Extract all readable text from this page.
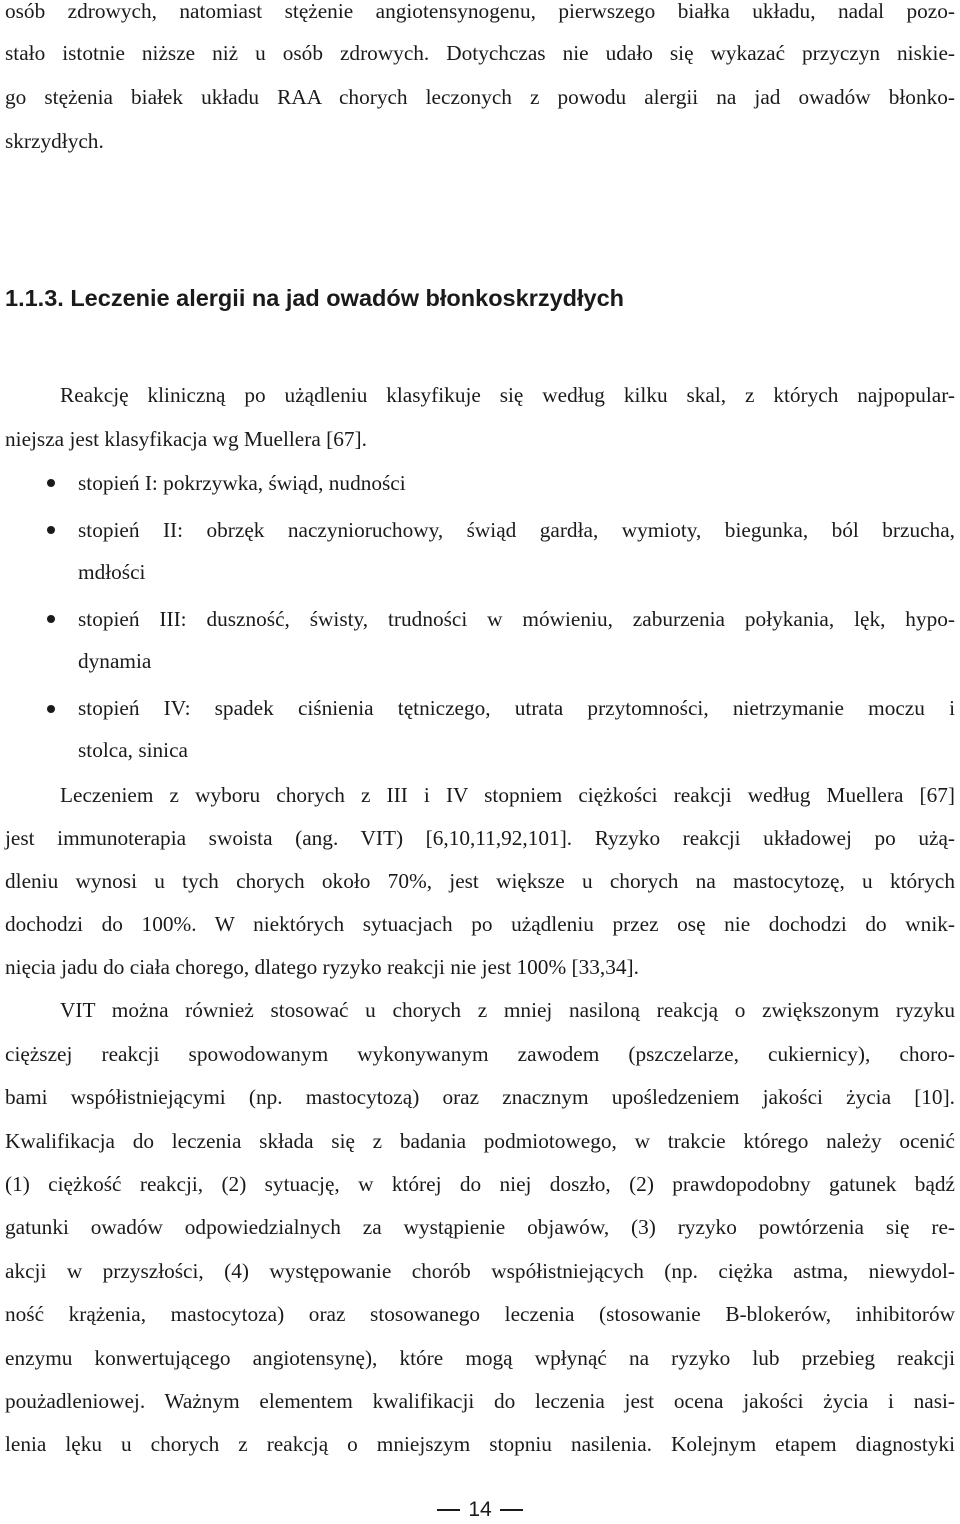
osób zdrowych, natomiast stężenie angiotensynogenu, pierwszego białka układu, nadal pozo-

stało istotnie niższe niż u osób zdrowych. Dotychczas nie udało się wykazać przyczyn niskie-

go stężenia białek układu RAA chorych leczonych z powodu alergii na jad owadów błonko-

skrzydłych.

1.1.3. Leczenie alergii na jad owadów błonkoskrzydłych

Reakcję kliniczną po użądleniu klasyfikuje się według kilku skal, z których najpopular-

niejsza jest klasyfikacja wg Muellera [67].

stopień I: pokrzywka, świąd, nudności

stopień II: obrzęk naczynioruchowy, świąd gardła, wymioty, biegunka, ból brzucha,

mdłości

stopień III: duszność, świsty, trudności w mówieniu, zaburzenia połykania, lęk, hypo-

dynamia

stopień IV: spadek ciśnienia tętniczego, utrata przytomności, nietrzymanie moczu i

stolca, sinica

Leczeniem z wyboru chorych z III i IV stopniem ciężkości reakcji według Muellera [67]

jest immunoterapia swoista (ang. VIT) [6,10,11,92,101]. Ryzyko reakcji układowej po użą-

dleniu wynosi u tych chorych około 70%, jest większe u chorych na mastocytozę, u których

dochodzi do 100%. W niektórych sytuacjach po użądleniu przez osę nie dochodzi do wnik-

nięcia jadu do ciała chorego, dlatego ryzyko reakcji nie jest 100% [33,34].

VIT można również stosować u chorych z mniej nasiloną reakcją o zwiększonym ryzyku

cięższej reakcji spowodowanym wykonywanym zawodem (pszczelarze, cukiernicy), choro-

bami współistniejącymi (np. mastocytozą) oraz znacznym upośledzeniem jakości życia [10].

Kwalifikacja do leczenia składa się z badania podmiotowego, w trakcie którego należy ocenić

(1) ciężkość reakcji, (2) sytuację, w której do niej doszło, (2) prawdopodobny gatunek bądź

gatunki owadów odpowiedzialnych za wystąpienie objawów, (3) ryzyko powtórzenia się re-

akcji w przyszłości, (4) występowanie chorób współistniejących (np. ciężka astma, niewydol-

ność krążenia, mastocytoza) oraz stosowanego leczenia (stosowanie B-blokerów, inhibitorów

enzymu konwertującego angiotensynę), które mogą wpłynąć na ryzyko lub przebieg reakcji

poużadleniowej. Ważnym elementem kwalifikacji do leczenia jest ocena jakości życia i nasi-

lenia lęku u chorych z reakcją o mniejszym stopniu nasilenia. Kolejnym etapem diagnostyki

14
